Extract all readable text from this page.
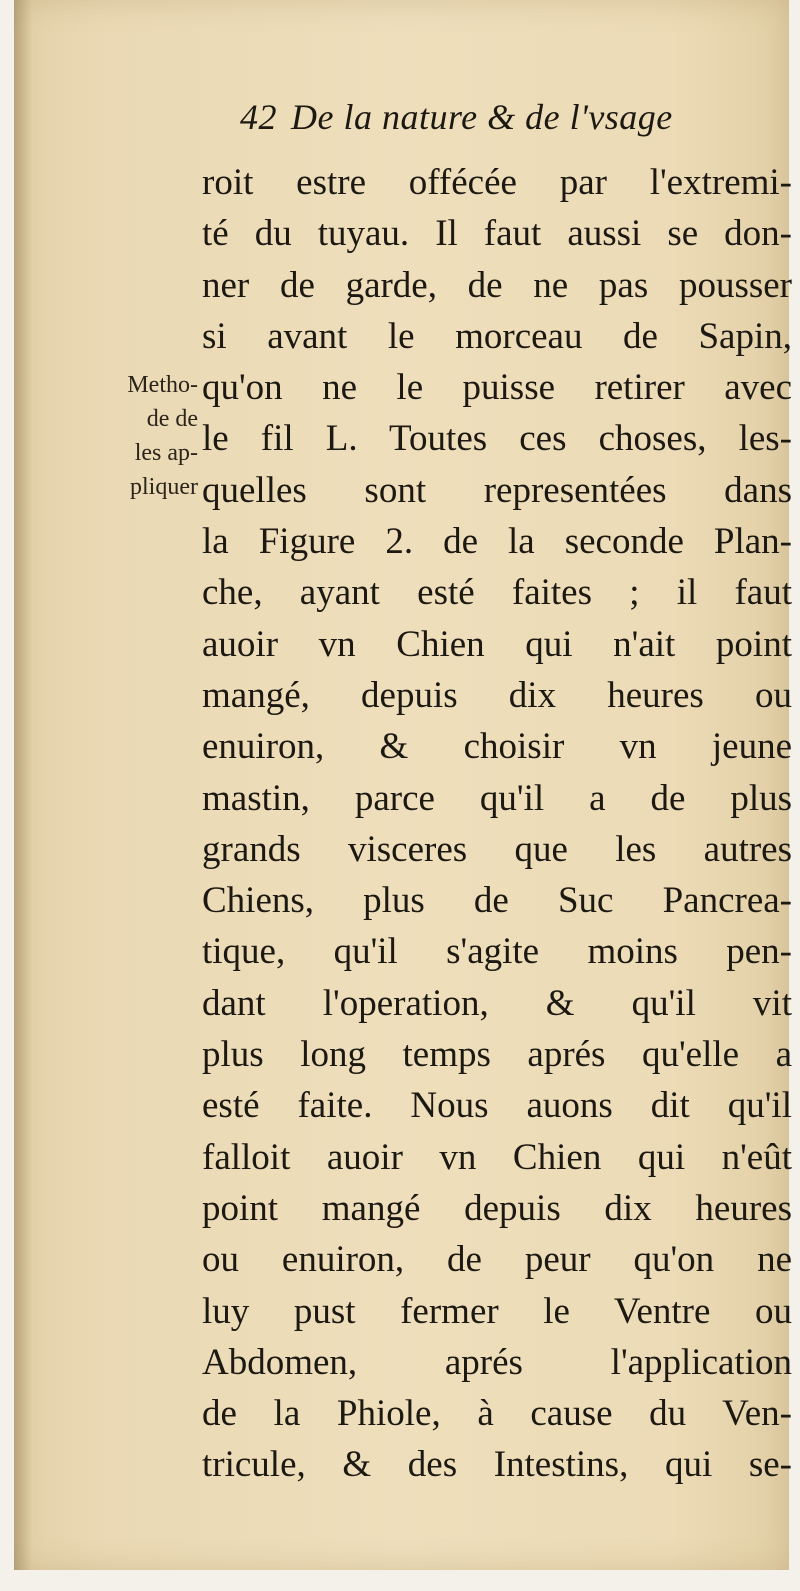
42 De la nature & de l'vsage
Metho-
de de
les ap-
pliquer
roit estre offécée par l'extremi-
té du tuyau. Il faut aussi se don-
ner de garde, de ne pas pousser
si avant le morceau de Sapin,
qu'on ne le puisse retirer avec
le fil L. Toutes ces choses, les-
quelles sont representées dans
la Figure 2. de la seconde Plan-
che, ayant esté faites ; il faut
auoir vn Chien qui n'ait point
mangé, depuis dix heures ou
enuiron, & choisir vn jeune
mastin, parce qu'il a de plus
grands visceres que les autres
Chiens, plus de Suc Pancrea-
tique, qu'il s'agite moins pen-
dant l'operation, & qu'il vit
plus long temps aprés qu'elle a
esté faite. Nous auons dit qu'il
falloit auoir vn Chien qui n'eût
point mangé depuis dix heures
ou enuiron, de peur qu'on ne
luy pust fermer le Ventre ou
Abdomen, aprés l'application
de la Phiole, à cause du Ven-
tricule, & des Intestins, qui se-
